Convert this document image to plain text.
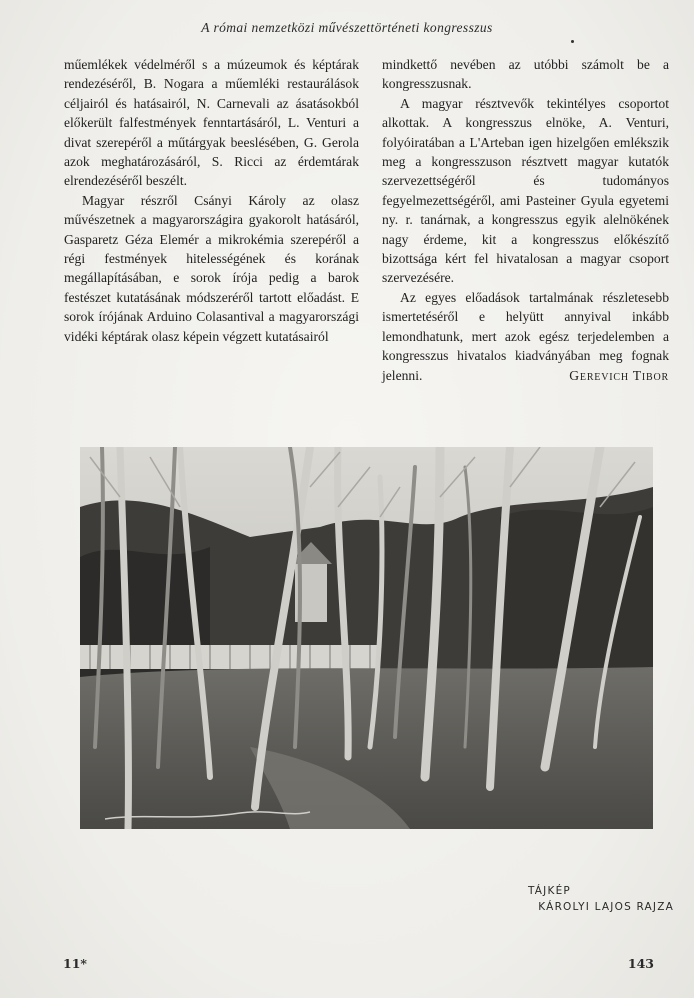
A római nemzetközi művészettörténeti kongresszus

műemlékek védelméről s a múzeumok és képtárak rendezéséről, B. Nogara a műemléki restaurálások céljairól és hatásairól, N. Carnevali az ásatásokból előkerült falfestmények fenntartásáról, L. Venturi a divat szerepéről a műtárgyak beeslésében, G. Gerola azok meghatározásáról, S. Ricci az érdemtárak elrendezéséről beszélt.

Magyar részről Csányi Károly az olasz művészetnek a magyarországira gyakorolt hatásáról, Gasparetz Géza Elemér a mikrokémia szerepéről a régi festmények hitelességének és korának megállapításában, e sorok írója pedig a barok festészet kutatásának módszeréről tartott előadást. E sorok írójának Arduino Colasantival a magyarországi vidéki képtárak olasz képein végzett kutatásairól

mindkettő nevében az utóbbi számolt be a kongresszusnak.

A magyar résztvevők tekintélyes csoportot alkottak. A kongresszus elnöke, A. Venturi, folyóiratában a L'Arteban igen hizelgően emlékszik meg a kongresszuson résztvett magyar kutatók szervezettségéről és tudományos fegyelmezettségéről, ami Pasteiner Gyula egyetemi ny. r. tanárnak, a kongresszus egyik alelnökének nagy érdeme, kit a kongresszus előkészítő bizottsága kért fel hivatalosan a magyar csoport szervezésére.

Az egyes előadások tartalmának részletesebb ismertetéséről e helyütt annyival inkább lemondhatunk, mert azok egész terjedelemben a kongresszus hivatalos kiadványában meg fognak jelenni.	Gerevich Tibor

TÁJKÉP
KÁROLYI LAJOS RAJZA
11*	143
